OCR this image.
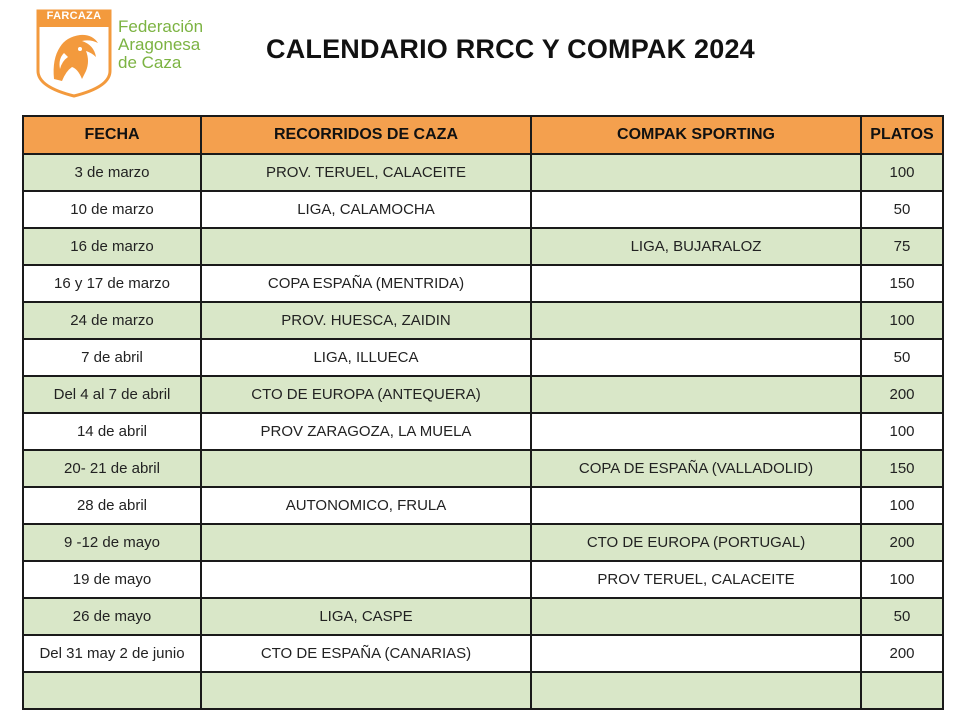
FARCAZA
Federación
Aragonesa
de Caza	CALENDARIO RRCC Y COMPAK 2024
FECHA	RECORRIDOS DE CAZA	COMPAK SPORTING	PLATOS
3 de marzo	PROV. TERUEL, CALACEITE		100
10 de marzo	LIGA, CALAMOCHA		50
16 de marzo		LIGA, BUJARALOZ	75
16 y 17 de marzo	COPA ESPAÑA (MENTRIDA)		150
24 de marzo	PROV. HUESCA, ZAIDIN		100
7 de abril	LIGA, ILLUECA		50
Del 4 al 7 de abril	CTO DE EUROPA (ANTEQUERA)		200
14 de abril	PROV ZARAGOZA, LA MUELA		100
20- 21 de abril		COPA DE ESPAÑA (VALLADOLID)	150
28 de abril	AUTONOMICO, FRULA		100
9 -12 de mayo		CTO DE EUROPA (PORTUGAL)	200
19 de mayo		PROV TERUEL, CALACEITE	100
26 de mayo	LIGA, CASPE		50
Del 31 may 2 de junio	CTO DE ESPAÑA (CANARIAS)		200
